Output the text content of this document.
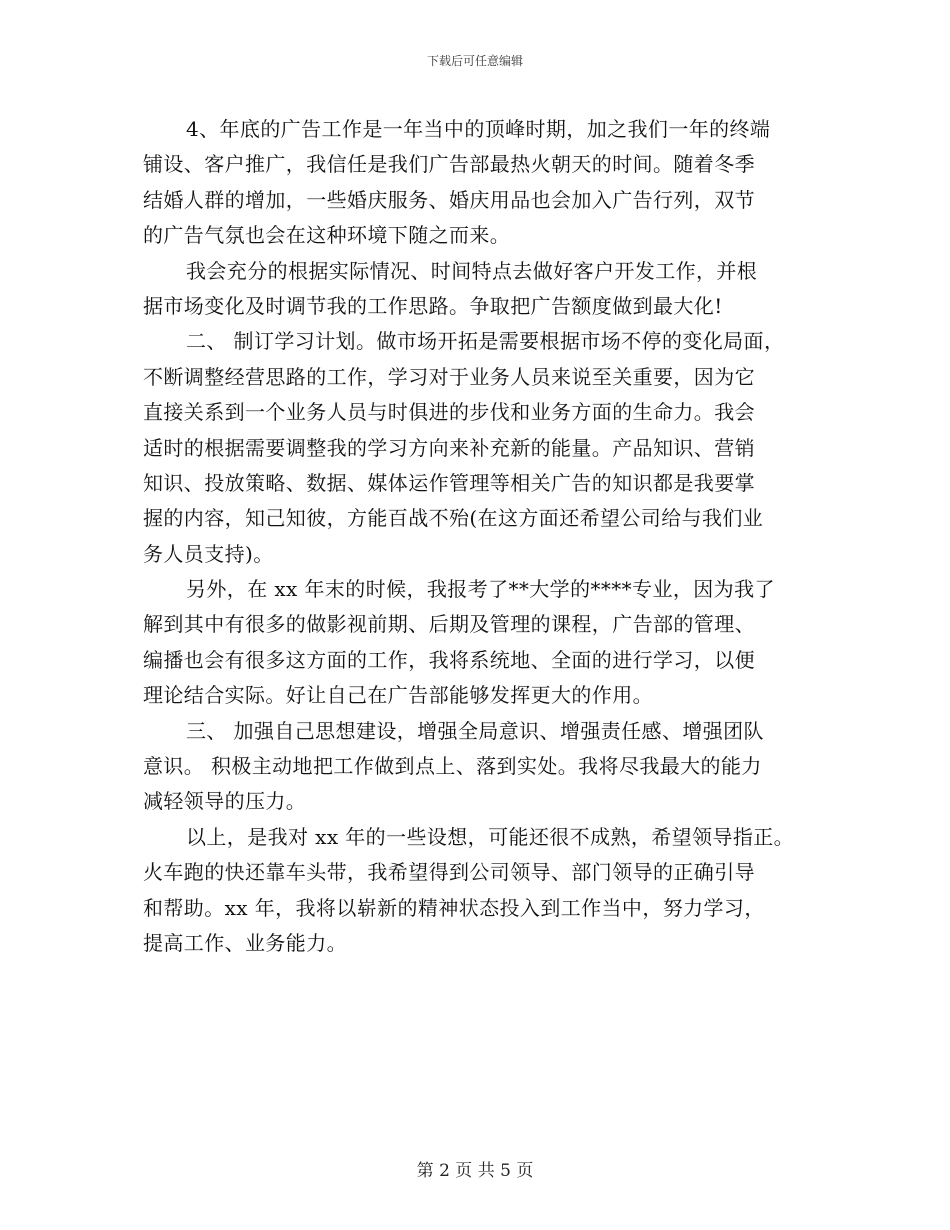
下载后可任意编辑
4、年底的广告工作是一年当中的顶峰时期，加之我们一年的终端
铺设、客户推广，我信任是我们广告部最热火朝天的时间。随着冬季
结婚人群的增加，一些婚庆服务、婚庆用品也会加入广告行列，双节
的广告气氛也会在这种环境下随之而来。
我会充分的根据实际情况、时间特点去做好客户开发工作，并根
据市场变化及时调节我的工作思路。争取把广告额度做到最大化!
二、 制订学习计划。做市场开拓是需要根据市场不停的变化局面，
不断调整经营思路的工作，学习对于业务人员来说至关重要，因为它
直接关系到一个业务人员与时俱进的步伐和业务方面的生命力。我会
适时的根据需要调整我的学习方向来补充新的能量。产品知识、营销
知识、投放策略、数据、媒体运作管理等相关广告的知识都是我要掌
握的内容，知己知彼，方能百战不殆(在这方面还希望公司给与我们业
务人员支持)。
另外，在 xx 年末的时候，我报考了**大学的****专业，因为我了
解到其中有很多的做影视前期、后期及管理的课程，广告部的管理、
编播也会有很多这方面的工作，我将系统地、全面的进行学习，以便
理论结合实际。好让自己在广告部能够发挥更大的作用。
三、 加强自己思想建设，增强全局意识、增强责任感、增强团队
意识。 积极主动地把工作做到点上、落到实处。我将尽我最大的能力
减轻领导的压力。
以上，是我对 xx 年的一些设想，可能还很不成熟，希望领导指正。
火车跑的快还靠车头带，我希望得到公司领导、部门领导的正确引导
和帮助。xx 年，我将以崭新的精神状态投入到工作当中，努力学习，
提高工作、业务能力。
第 2 页 共 5 页
